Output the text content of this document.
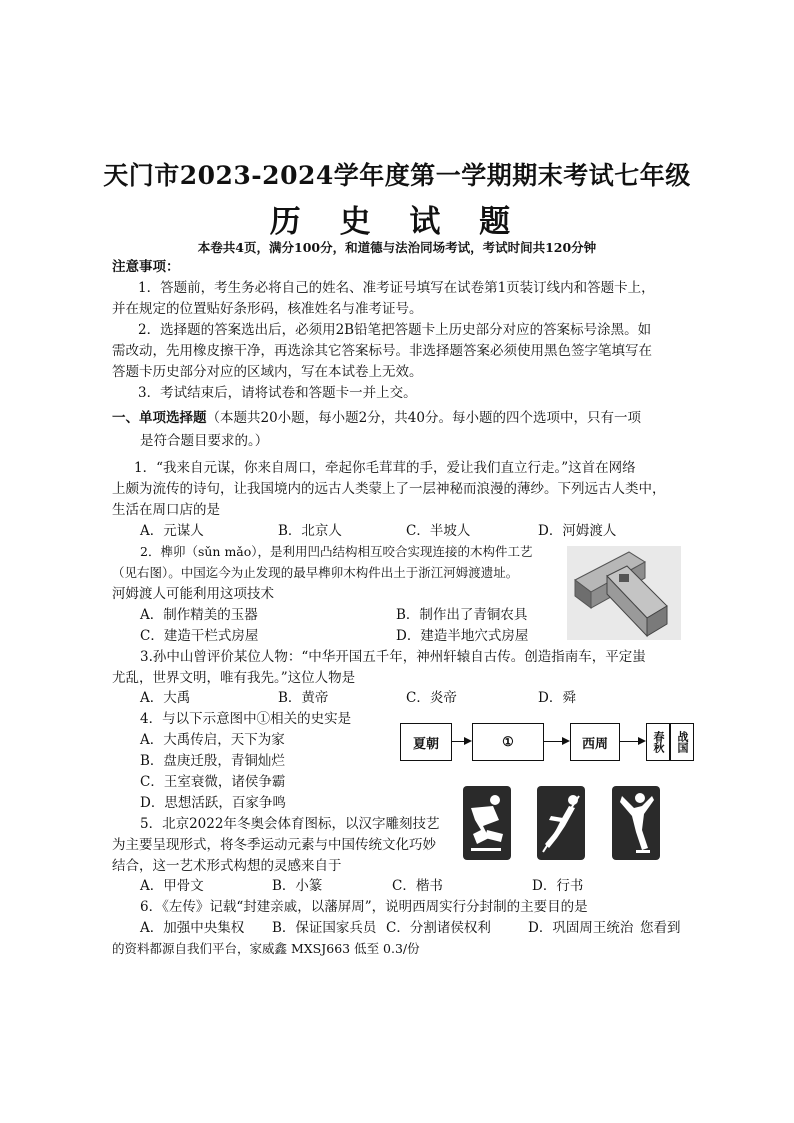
天门市2023-2024学年度第一学期期末考试七年级
历 史 试 题
本卷共4页，满分100分，和道德与法治同场考试，考试时间共120分钟
注意事项：
1．答题前，考生务必将自己的姓名、准考证号填写在试卷第1页装订线内和答题卡上，
并在规定的位置贴好条形码，核准姓名与准考证号。
2．选择题的答案选出后，必须用2B铅笔把答题卡上历史部分对应的答案标号涂黑。如
需改动，先用橡皮擦干净，再选涂其它答案标号。非选择题答案必须使用黑色签字笔填写在
答题卡历史部分对应的区域内，写在本试卷上无效。
3．考试结束后，请将试卷和答题卡一并上交。
一、单项选择题（本题共20小题，每小题2分，共40分。每小题的四个选项中，只有一项
是符合题目要求的。）
1．“我来自元谋，你来自周口，牵起你毛茸茸的手，爱让我们直立行走。”这首在网络
上颇为流传的诗句，让我国境内的远古人类蒙上了一层神秘而浪漫的薄纱。下列远古人类中，
生活在周口店的是
A．元谋人	B．北京人	C．半坡人	D．河姆渡人
2．榫卯（sǔn mǎo），是利用凹凸结构相互咬合实现连接的木构件工艺
（见右图）。中国迄今为止发现的最早榫卯木构件出土于浙江河姆渡遗址。
河姆渡人可能利用这项技术
A．制作精美的玉器	B．制作出了青铜农具
C．建造干栏式房屋	D．建造半地穴式房屋
3.孙中山曾评价某位人物：“中华开国五千年，神州轩辕自古传。创造指南车，平定蚩
尤乱，世界文明，唯有我先。”这位人物是
A．大禹	B．黄帝	C．炎帝	D．舜
4．与以下示意图中①相关的史实是
A．大禹传启，天下为家
B．盘庚迁殷，青铜灿烂
C．王室衰微，诸侯争霸
D．思想活跃，百家争鸣
夏朝	①	西周	春秋	战国
5．北京2022年冬奥会体育图标，以汉字雕刻技艺
为主要呈现形式，将冬季运动元素与中国传统文化巧妙
结合，这一艺术形式构想的灵感来自于
A．甲骨文	B．小篆	C．楷书	D．行书
6．《左传》记载“封建亲戚，以藩屏周”，说明西周实行分封制的主要目的是
A．加强中央集权 B．保证国家兵员 C．分割诸侯权利	D．巩固周王统治 您看到
的资料都源自我们平台，家威鑫 MXSJ663 低至 0.3/份
